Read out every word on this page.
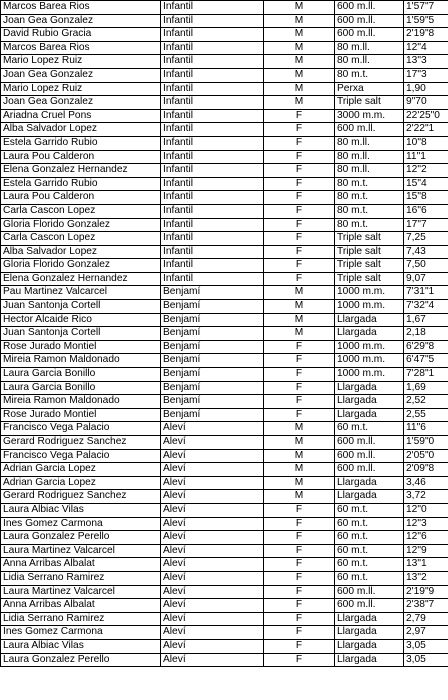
Marcos Barea Rios	Infantil	M	600 m.ll.	1'57"7
Joan Gea Gonzalez	Infantil	M	600 m.ll.	1'59"5
David Rubio Gracia	Infantil	M	600 m.ll.	2'19"8
Marcos Barea Rios	Infantil	M	80 m.ll.	12"4
Mario Lopez Ruiz	Infantil	M	80 m.ll.	13"3
Joan Gea Gonzalez	Infantil	M	80 m.t.	17"3
Mario Lopez Ruiz	Infantil	M	Perxa	1,90
Joan Gea Gonzalez	Infantil	M	Triple salt	9"70
Ariadna Cruel Pons	Infantil	F	3000 m.m.	22'25"0
Alba Salvador Lopez	Infantil	F	600 m.ll.	2'22"1
Estela Garrido Rubio	Infantil	F	80 m.ll.	10"8
Laura Pou Calderon	Infantil	F	80 m.ll.	11"1
Elena Gonzalez Hernandez	Infantil	F	80 m.ll.	12"2
Estela Garrido Rubio	Infantil	F	80 m.t.	15"4
Laura Pou Calderon	Infantil	F	80 m.t.	15"8
Carla Cascon Lopez	Infantil	F	80 m.t.	16"6
Gloria Florido Gonzalez	Infantil	F	80 m.t.	17"7
Carla Cascon Lopez	Infantil	F	Triple salt	7,25
Alba Salvador Lopez	Infantil	F	Triple salt	7,43
Gloria Florido Gonzalez	Infantil	F	Triple salt	7,50
Elena Gonzalez Hernandez	Infantil	F	Triple salt	9,07
Pau Martinez Valcarcel	Benjamí	M	1000 m.m.	7'31"1
Juan Santonja Cortell	Benjamí	M	1000 m.m.	7'32"4
Hector Alcaide Rico	Benjamí	M	Llargada	1,67
Juan Santonja Cortell	Benjamí	M	Llargada	2,18
Rose Jurado Montiel	Benjamí	F	1000 m.m.	6'29"8
Mireia Ramon Maldonado	Benjamí	F	1000 m.m.	6'47"5
Laura Garcia Bonillo	Benjamí	F	1000 m.m.	7'28"1
Laura Garcia Bonillo	Benjamí	F	Llargada	1,69
Mireia Ramon Maldonado	Benjamí	F	Llargada	2,52
Rose Jurado Montiel	Benjamí	F	Llargada	2,55
Francisco Vega Palacio	Aleví	M	60 m.t.	11"6
Gerard Rodriguez Sanchez	Aleví	M	600 m.ll.	1'59"0
Francisco Vega Palacio	Aleví	M	600 m.ll.	2'05"0
Adrian Garcia Lopez	Aleví	M	600 m.ll.	2'09"8
Adrian Garcia Lopez	Aleví	M	Llargada	3,46
Gerard Rodriguez Sanchez	Aleví	M	Llargada	3,72
Laura Albiac Vilas	Aleví	F	60 m.t.	12"0
Ines Gomez Carmona	Aleví	F	60 m.t.	12"3
Laura Gonzalez Perello	Aleví	F	60 m.t.	12"6
Laura Martinez Valcarcel	Aleví	F	60 m.t.	12"9
Anna Arribas Albalat	Aleví	F	60 m.t.	13"1
Lidia Serrano Ramirez	Aleví	F	60 m.t.	13"2
Laura Martinez Valcarcel	Aleví	F	600 m.ll.	2'19"9
Anna Arribas Albalat	Aleví	F	600 m.ll.	2'38"7
Lidia Serrano Ramirez	Aleví	F	Llargada	2,79
Ines Gomez Carmona	Aleví	F	Llargada	2,97
Laura Albiac Vilas	Aleví	F	Llargada	3,05
Laura Gonzalez Perello	Aleví	F	Llargada	3,05
